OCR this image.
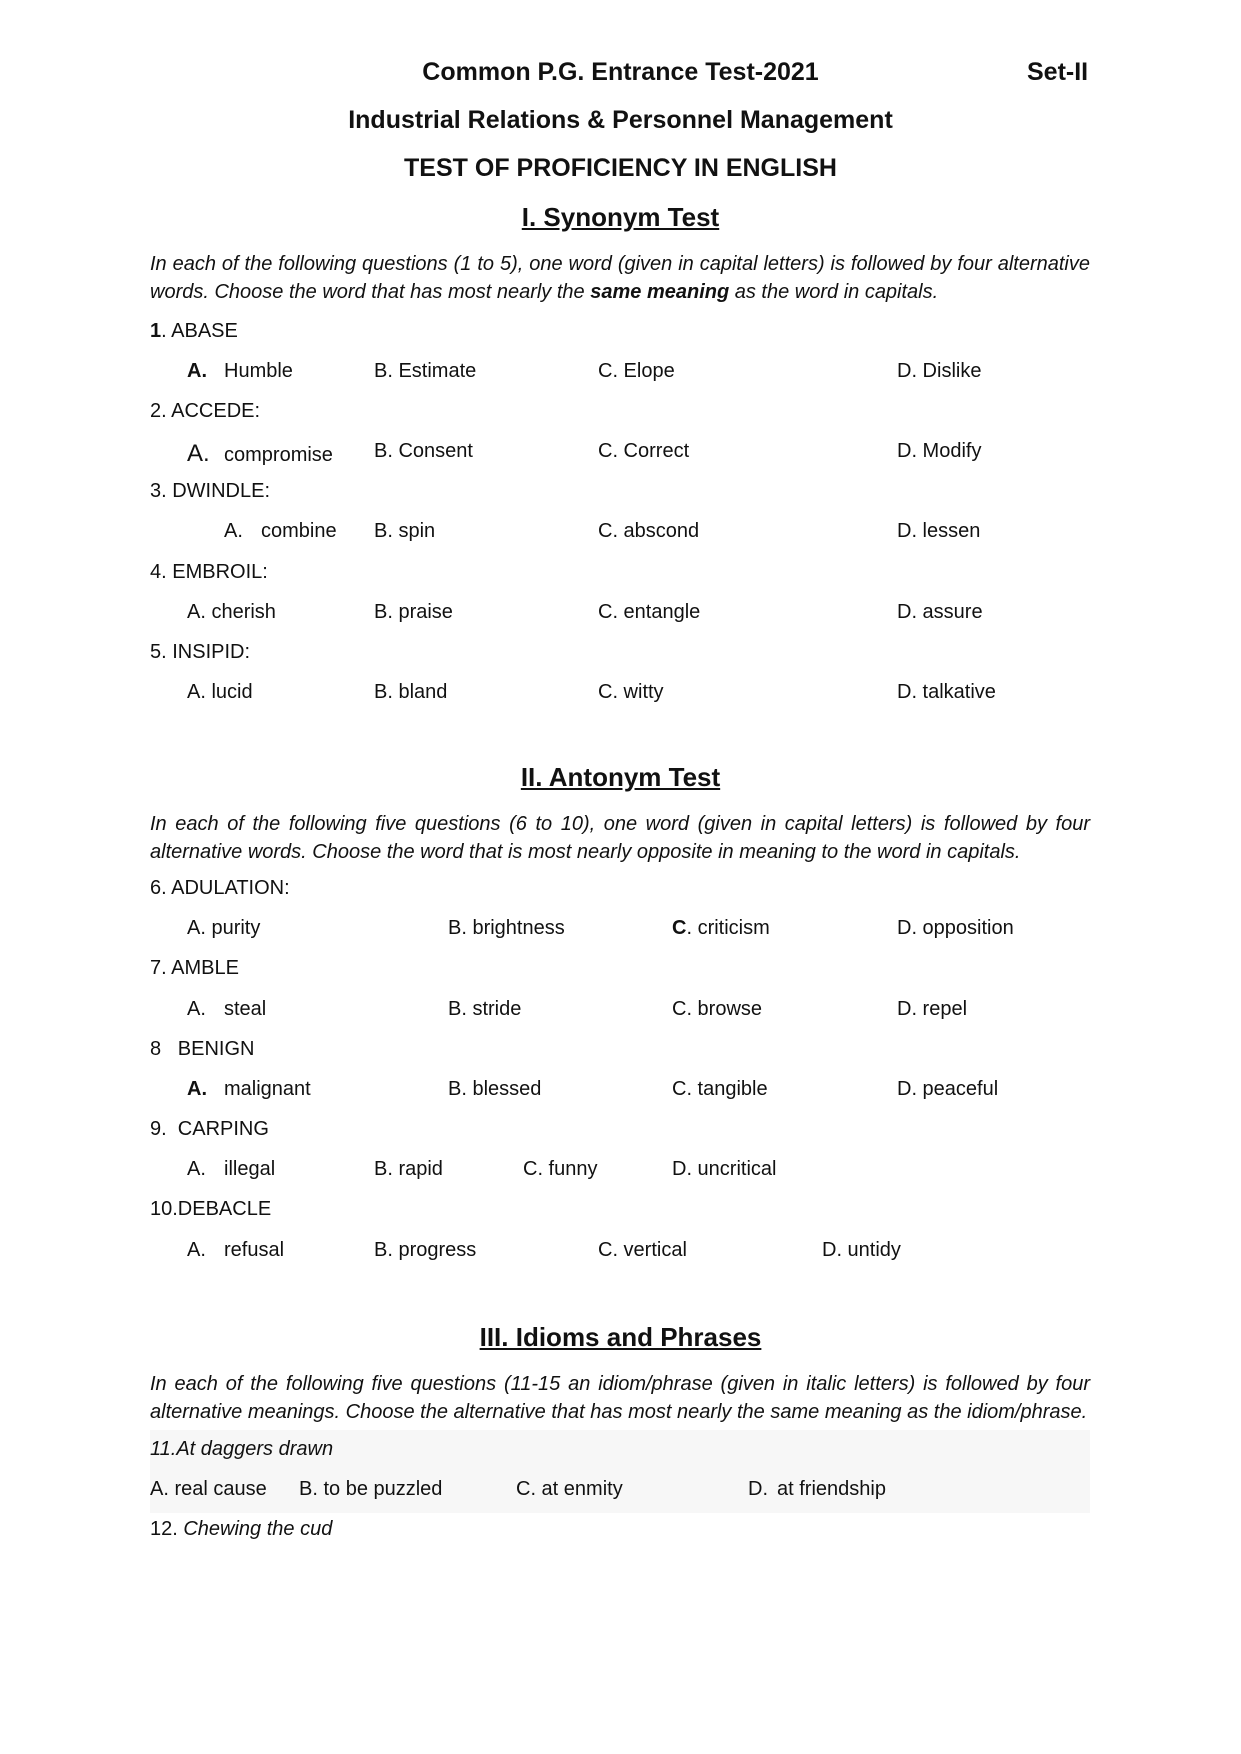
Common P.G. Entrance Test-2021	Set-II
Industrial Relations & Personnel Management
TEST OF PROFICIENCY IN ENGLISH
I. Synonym Test
In each of the following questions (1 to 5), one word (given in capital letters) is followed by four alternative words. Choose the word that has most nearly the same meaning as the word in capitals.
1. ABASE
A. Humble	B. Estimate	C. Elope	D. Dislike
2. ACCEDE:
A. compromise B. Consent	C. Correct	D. Modify
3. DWINDLE:
A. combine B. spin	C. abscond	D. lessen
4. EMBROIL:
A. cherish	B. praise	C. entangle	D. assure
5. INSIPID:
A. lucid	B. bland	C. witty	D. talkative
II. Antonym Test
In each of the following five questions (6 to 10), one word (given in capital letters) is followed by four alternative words. Choose the word that is most nearly opposite in meaning to the word in capitals.
6. ADULATION:
A. purity	B. brightness	C. criticism	D. opposition
7. AMBLE
A. steal	B. stride	C. browse	D. repel
8   BENIGN
A. malignant	B. blessed	C. tangible	D. peaceful
9.  CARPING
A. illegal	B. rapid	C. funny	D. uncritical
10.DEBACLE
A. refusal	B. progress	C. vertical	D. untidy
III. Idioms and Phrases
In each of the following five questions (11-15 an idiom/phrase (given in italic letters) is followed by four alternative meanings. Choose the alternative that has most nearly the same meaning as the idiom/phrase.
11.At daggers drawn
A. real cause B. to be puzzled	C. at enmity	D. at friendship
12. Chewing the cud
